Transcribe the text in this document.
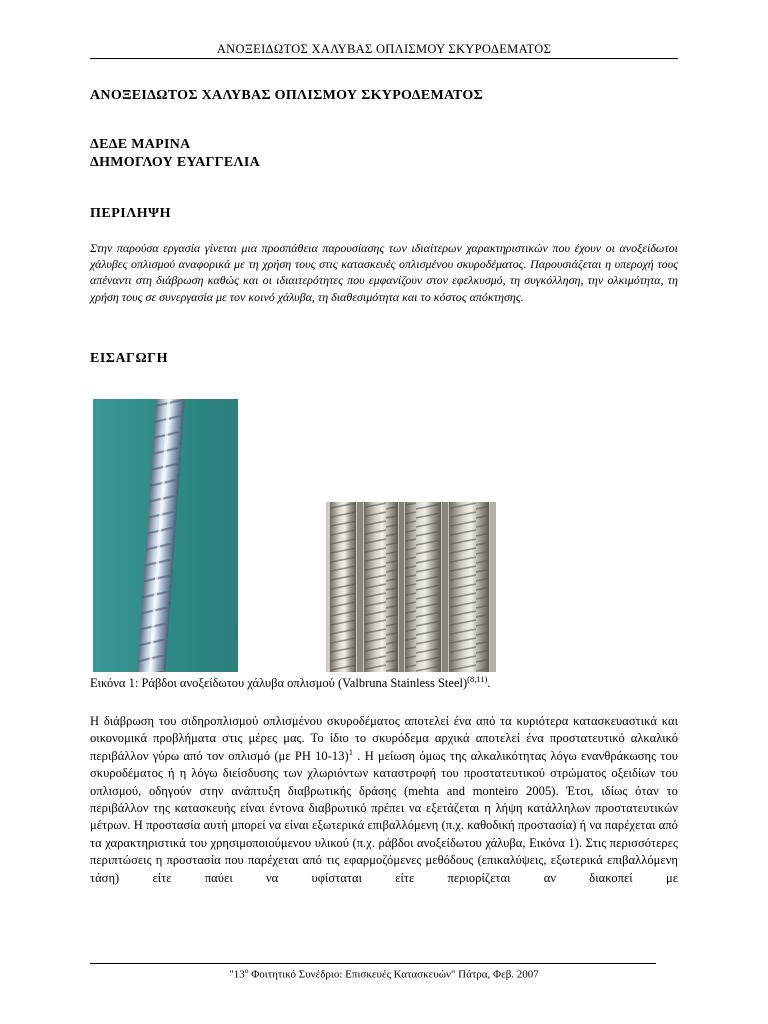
ΑΝΟΞΕΙΔΩΤΟΣ ΧΑΛΥΒΑΣ ΟΠΛΙΣΜΟΥ ΣΚΥΡΟΔΕΜΑΤΟΣ
ΑΝΟΞΕΙΔΩΤΟΣ ΧΑΛΥΒΑΣ ΟΠΛΙΣΜΟΥ ΣΚΥΡΟΔΕΜΑΤΟΣ
ΔΕΔΕ ΜΑΡΙΝΑ
ΔΗΜΟΓΛΟΥ ΕΥΑΓΓΕΛΙΑ
ΠΕΡΙΛΗΨΗ
Στην παρούσα εργασία γίνεται μια προσπάθεια παρουσίασης των ιδιαίτερων χαρακτηριστικών που έχουν οι ανοξείδωτοι χάλυβες οπλισμού αναφορικά με τη χρήση τους στις κατασκευές οπλισμένου σκυροδέματος. Παρουσιάζεται η υπεροχή τους απέναντι στη διάβρωση καθώς και οι ιδιαιτερότητες που εμφανίζουν στον εφελκυσμό, τη συγκόλληση, την ολκιμότητα, τη χρήση τους σε συνεργασία με τον κοινό χάλυβα, τη διαθεσιμότητα και το κόστος απόκτησης.
ΕΙΣΑΓΩΓΗ
Εικόνα 1: Ράβδοι ανοξείδωτου χάλυβα οπλισμού (Valbruna Stainless Steel)$^{(8,11)}$.
Η διάβρωση του σιδηροπλισμού οπλισμένου σκυροδέματος αποτελεί ένα από τα κυριότερα κατασκευαστικά και οικονομικά προβλήματα στις μέρες μας. Το ίδιο το σκυρόδεμα αρχικά αποτελεί ένα προστατευτικό αλκαλικό περιβάλλον γύρω από τον οπλισμό (με PH 10-13)$^1$ . Η μείωση όμως της αλκαλικότητας λόγω ενανθράκωσης του σκυροδέματος ή η λόγω διείσδυσης των χλωριόντων καταστροφή του προστατευτικού στρώματος οξειδίων του οπλισμού, οδηγούν στην ανάπτυξη διαβρωτικής δράσης (mehta and monteiro 2005). Έτσι, ιδίως όταν το περιβάλλον της κατασκευής είναι έντονα διαβρωτικό πρέπει να εξετάζεται η λήψη κατάλληλων προστατευτικών μέτρων. Η προστασία αυτή μπορεί να είναι εξωτερικά επιβαλλόμενη (π.χ. καθοδική προστασία) ή να παρέχεται από τα χαρακτηριστικά του χρησιμοποιούμενου υλικού (π.χ. ράβδοι ανοξείδωτου χάλυβα, Εικόνα 1). Στις περισσότερες περιπτώσεις η προστασία που παρέχεται από τις εφαρμοζόμενες μεθόδους (επικαλύψεις, εξωτερικά επιβαλλόμενη τάση) είτε παύει να υφίσταται είτε περιορίζεται αν διακοπεί με
"$13^o$ Φοιτητικό Συνέδριο: Επισκευές Κατασκευών" Πάτρα, Φεβ. 2007
